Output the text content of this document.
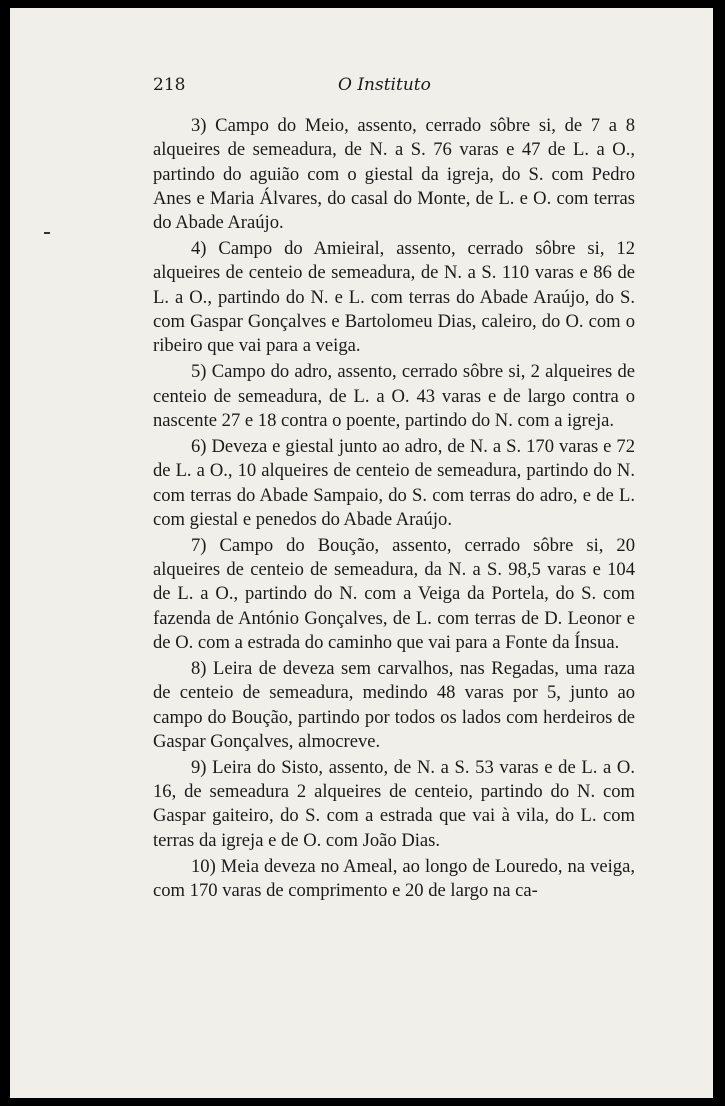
218	O Instituto

3) Campo do Meio, assento, cerrado sôbre si, de 7 a 8 alqueires de semeadura, de N. a S. 76 varas e 47 de L. a O., partindo do aguião com o giestal da igreja, do S. com Pedro Anes e Maria Álvares, do casal do Monte, de L. e O. com terras do Abade Araújo.

4) Campo do Amieiral, assento, cerrado sôbre si, 12 alqueires de centeio de semeadura, de N. a S. 110 varas e 86 de L. a O., partindo do N. e L. com terras do Abade Araújo, do S. com Gaspar Gonçalves e Bartolomeu Dias, caleiro, do O. com o ribeiro que vai para a veiga.

5) Campo do adro, assento, cerrado sôbre si, 2 alqueires de centeio de semeadura, de L. a O. 43 varas e de largo contra o nascente 27 e 18 contra o poente, partindo do N. com a igreja.

6) Deveza e giestal junto ao adro, de N. a S. 170 varas e 72 de L. a O., 10 alqueires de centeio de semeadura, partindo do N. com terras do Abade Sampaio, do S. com terras do adro, e de L. com giestal e penedos do Abade Araújo.

7) Campo do Boução, assento, cerrado sôbre si, 20 alqueires de centeio de semeadura, da N. a S. 98,5 varas e 104 de L. a O., partindo do N. com a Veiga da Portela, do S. com fazenda de António Gonçalves, de L. com terras de D. Leonor e de O. com a estrada do caminho que vai para a Fonte da Ínsua.

8) Leira de deveza sem carvalhos, nas Regadas, uma raza de centeio de semeadura, medindo 48 varas por 5, junto ao campo do Boução, partindo por todos os lados com herdeiros de Gaspar Gonçalves, almocreve.

9) Leira do Sisto, assento, de N. a S. 53 varas e de L. a O. 16, de semeadura 2 alqueires de centeio, partindo do N. com Gaspar gaiteiro, do S. com a estrada que vai à vila, do L. com terras da igreja e de O. com João Dias.

10) Meia deveza no Ameal, ao longo de Louredo, na veiga, com 170 varas de comprimento e 20 de largo na ca-
